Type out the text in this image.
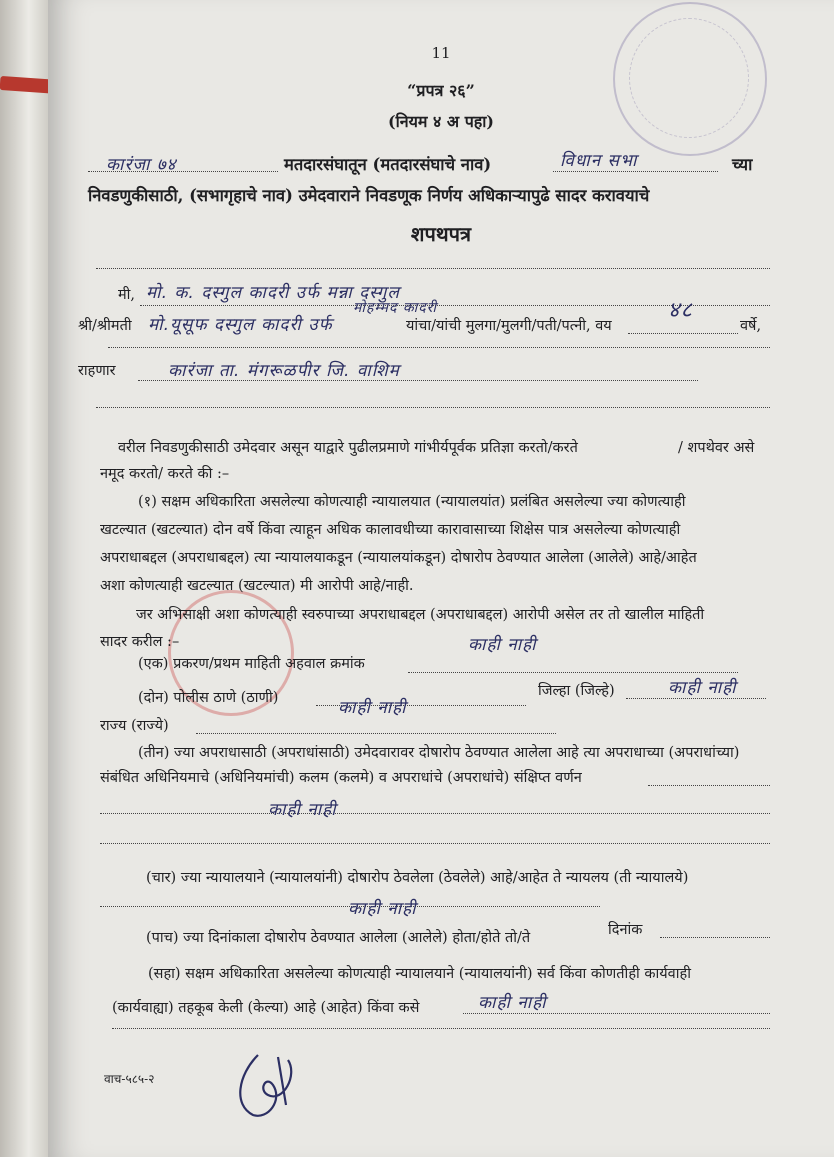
11
“प्रपत्र २६”
(नियम ४ अ पहा)
कारंजा ७४	मतदारसंघातून (मतदारसंघाचे नाव)	विधान सभा	च्या
निवडणुकीसाठी, (सभागृहाचे नाव) उमेदवाराने निवडणूक निर्णय अधिकाऱ्यापुढे सादर करावयाचे
शपथपत्र
मी, मो. क. दस्गुल कादरी उर्फ मन्ना दस्गुल
श्री/श्रीमती मो.यूसूफ दस्गुल कादरी उर्फ
मोहम्मद कादरी
यांचा/यांची मुलगा/मुलगी/पती/पत्नी, वय
४८
वर्षे,
राहणार	कारंजा ता. मंगरूळपीर जि. वाशिम
वरील निवडणुकीसाठी उमेदवार असून याद्वारे पुढीलप्रमाणे गांभीर्यपूर्वक प्रतिज्ञा करतो/करते	/ शपथेवर असे
नमूद करतो/ करते की :–
(१) सक्षम अधिकारिता असलेल्या कोणत्याही न्यायालयात (न्यायालयांत) प्रलंबित असलेल्या ज्या कोणत्याही
खटल्यात (खटल्यात) दोन वर्षे किंवा त्याहून अधिक कालावधीच्या कारावासाच्या शिक्षेस पात्र असलेल्या कोणत्याही
अपराधाबद्दल (अपराधाबद्दल) त्या न्यायालयाकडून (न्यायालयांकडून) दोषारोप ठेवण्यात आलेला (आलेले) आहे/आहेत
अशा कोणत्याही खटल्यात (खटल्यात) मी आरोपी आहे/नाही.
जर अभिसाक्षी अशा कोणत्याही स्वरुपाच्या अपराधाबद्दल (अपराधाबद्दल) आरोपी असेल तर तो खालील माहिती
सादर करील :–
(एक) प्रकरण/प्रथम माहिती अहवाल क्रमांक
काही नाही
(दोन) पोलीस ठाणे (ठाणी)	काही नाही
जिल्हा (जिल्हे)	काही नाही
राज्य (राज्ये)
(तीन) ज्या अपराधासाठी (अपराधांसाठी) उमेदवारावर दोषारोप ठेवण्यात आलेला आहे त्या अपराधाच्या (अपराधांच्या)
संबंधित अधिनियमाचे (अधिनियमांची) कलम (कलमे) व अपराधांचे (अपराधांचे) संक्षिप्त वर्णन
काही नाही
(चार) ज्या न्यायालयाने (न्यायालयांनी) दोषारोप ठेवलेला (ठेवलेले) आहे/आहेत ते न्यायलय (ती न्यायालये)
काही नाही
(पाच) ज्या दिनांकाला दोषारोप ठेवण्यात आलेला (आलेले) होता/होते तो/ते	दिनांक
(सहा) सक्षम अधिकारिता असलेल्या कोणत्याही न्यायालयाने (न्यायालयांनी) सर्व किंवा कोणतीही कार्यवाही
(कार्यवाह्या) तहकूब केली (केल्या) आहे (आहेत) किंवा कसे	काही नाही
वाच-५८५-२
